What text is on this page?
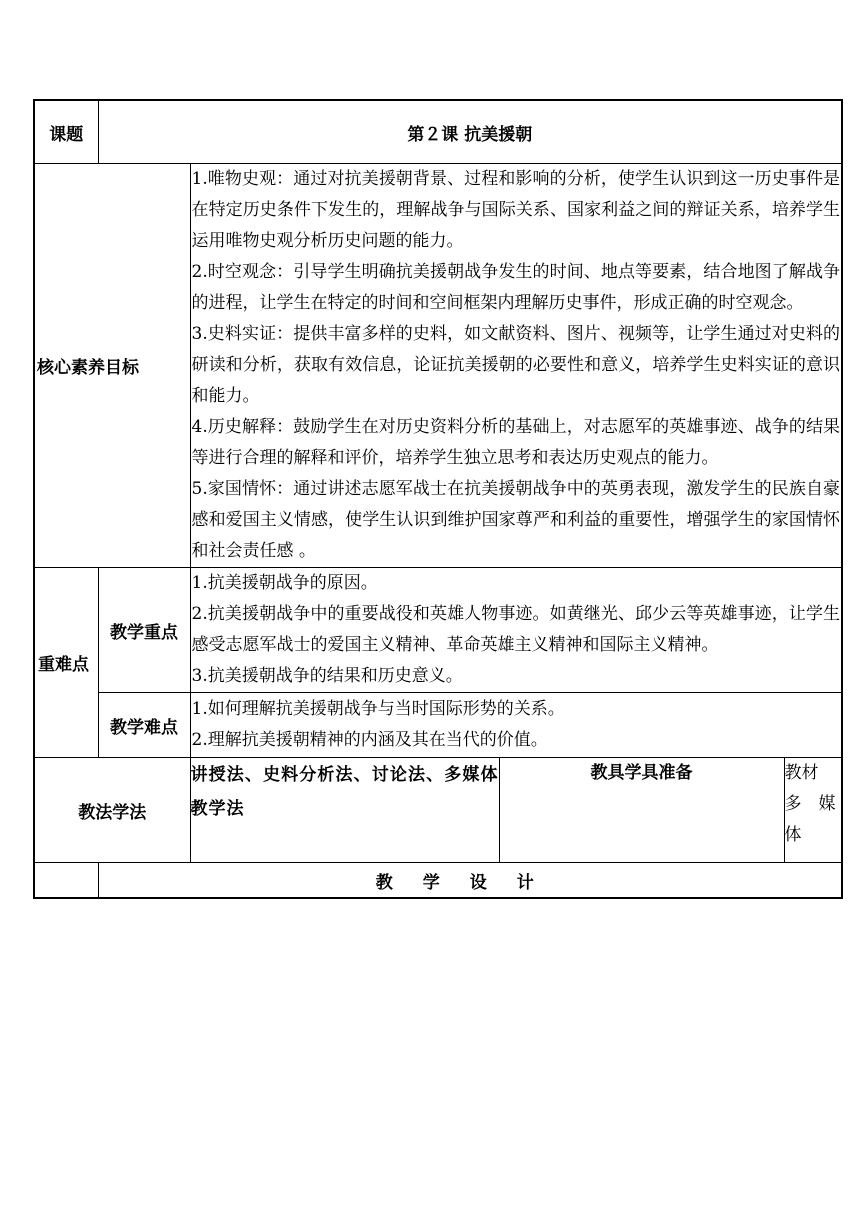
课题	第２课 抗美援朝			
核心素养目标		1.唯物史观：通过对抗美援朝背景、过程和影响的分析，使学生认识到这一历史事件是在特定历史条件下发生的，理解战争与国际关系、国家利益之间的辩证关系，培养学生运用唯物史观分析历史问题的能力。

2.时空观念：引导学生明确抗美援朝战争发生的时间、地点等要素，结合地图了解战争的进程，让学生在特定的时间和空间框架内理解历史事件，形成正确的时空观念。

3.史料实证：提供丰富多样的史料，如文献资料、图片、视频等，让学生通过对史料的研读和分析，获取有效信息，论证抗美援朝的必要性和意义，培养学生史料实证的意识和能力。

4.历史解释：鼓励学生在对历史资料分析的基础上，对志愿军的英雄事迹、战争的结果等进行合理的解释和评价，培养学生独立思考和表达历史观点的能力。

5.家国情怀：通过讲述志愿军战士在抗美援朝战争中的英勇表现，激发学生的民族自豪感和爱国主义情感，使学生认识到维护国家尊严和利益的重要性，增强学生的家国情怀和社会责任感 。		

重难点	教学重点	1.抗美援朝战争的原因。

2.抗美援朝战争中的重要战役和英雄人物事迹。如黄继光、邱少云等英雄事迹，让学生感受志愿军战士的爱国主义精神、革命英雄主义精神和国际主义精神。

3.抗美援朝战争的结果和历史意义。		

	教学难点	1.如何理解抗美援朝战争与当时国际形势的关系。

2.理解抗美援朝精神的内涵及其在当代的价值。		

教法学法		讲授法、史料分析法、讨论法、多媒体教学法	教具学具准备	教材
多　媒
体

	教学设计			
